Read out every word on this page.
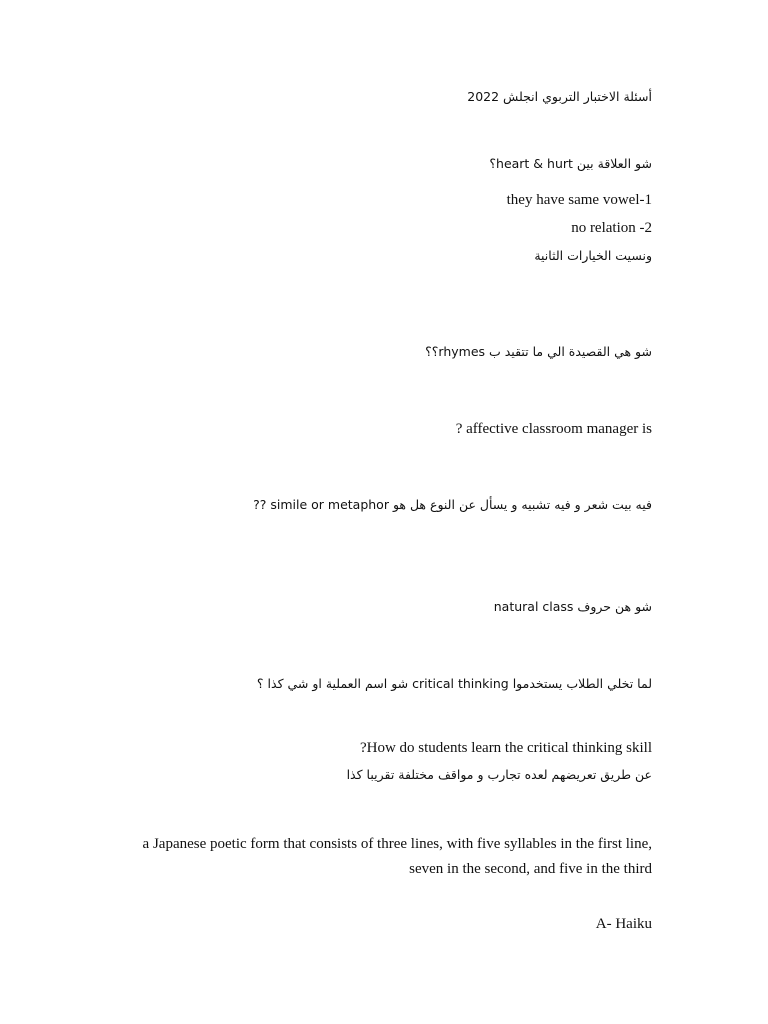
أسئلة الاختبار التربوي انجلش 2022
شو العلاقة بين heart & hurt؟
they have same vowel-1
no relation -2
ونسيت الخيارات الثانية
شو هي القصيدة الي ما تتقيد ب rhymes؟؟
? affective classroom manager is
فيه بيت شعر و فيه تشبيه و يسأل عن النوع هل هو simile or metaphor ??
شو هن حروف natural class
لما تخلي الطلاب يستخدموا critical thinking شو اسم العملية او شي كذا ؟
?How do students learn the critical thinking skill
عن طريق تعريضهم لعده تجارب و مواقف مختلفة تقريبا كذا
a Japanese poetic form that consists of three lines, with five syllables in the first line,
seven in the second, and five in the third
A- Haiku
